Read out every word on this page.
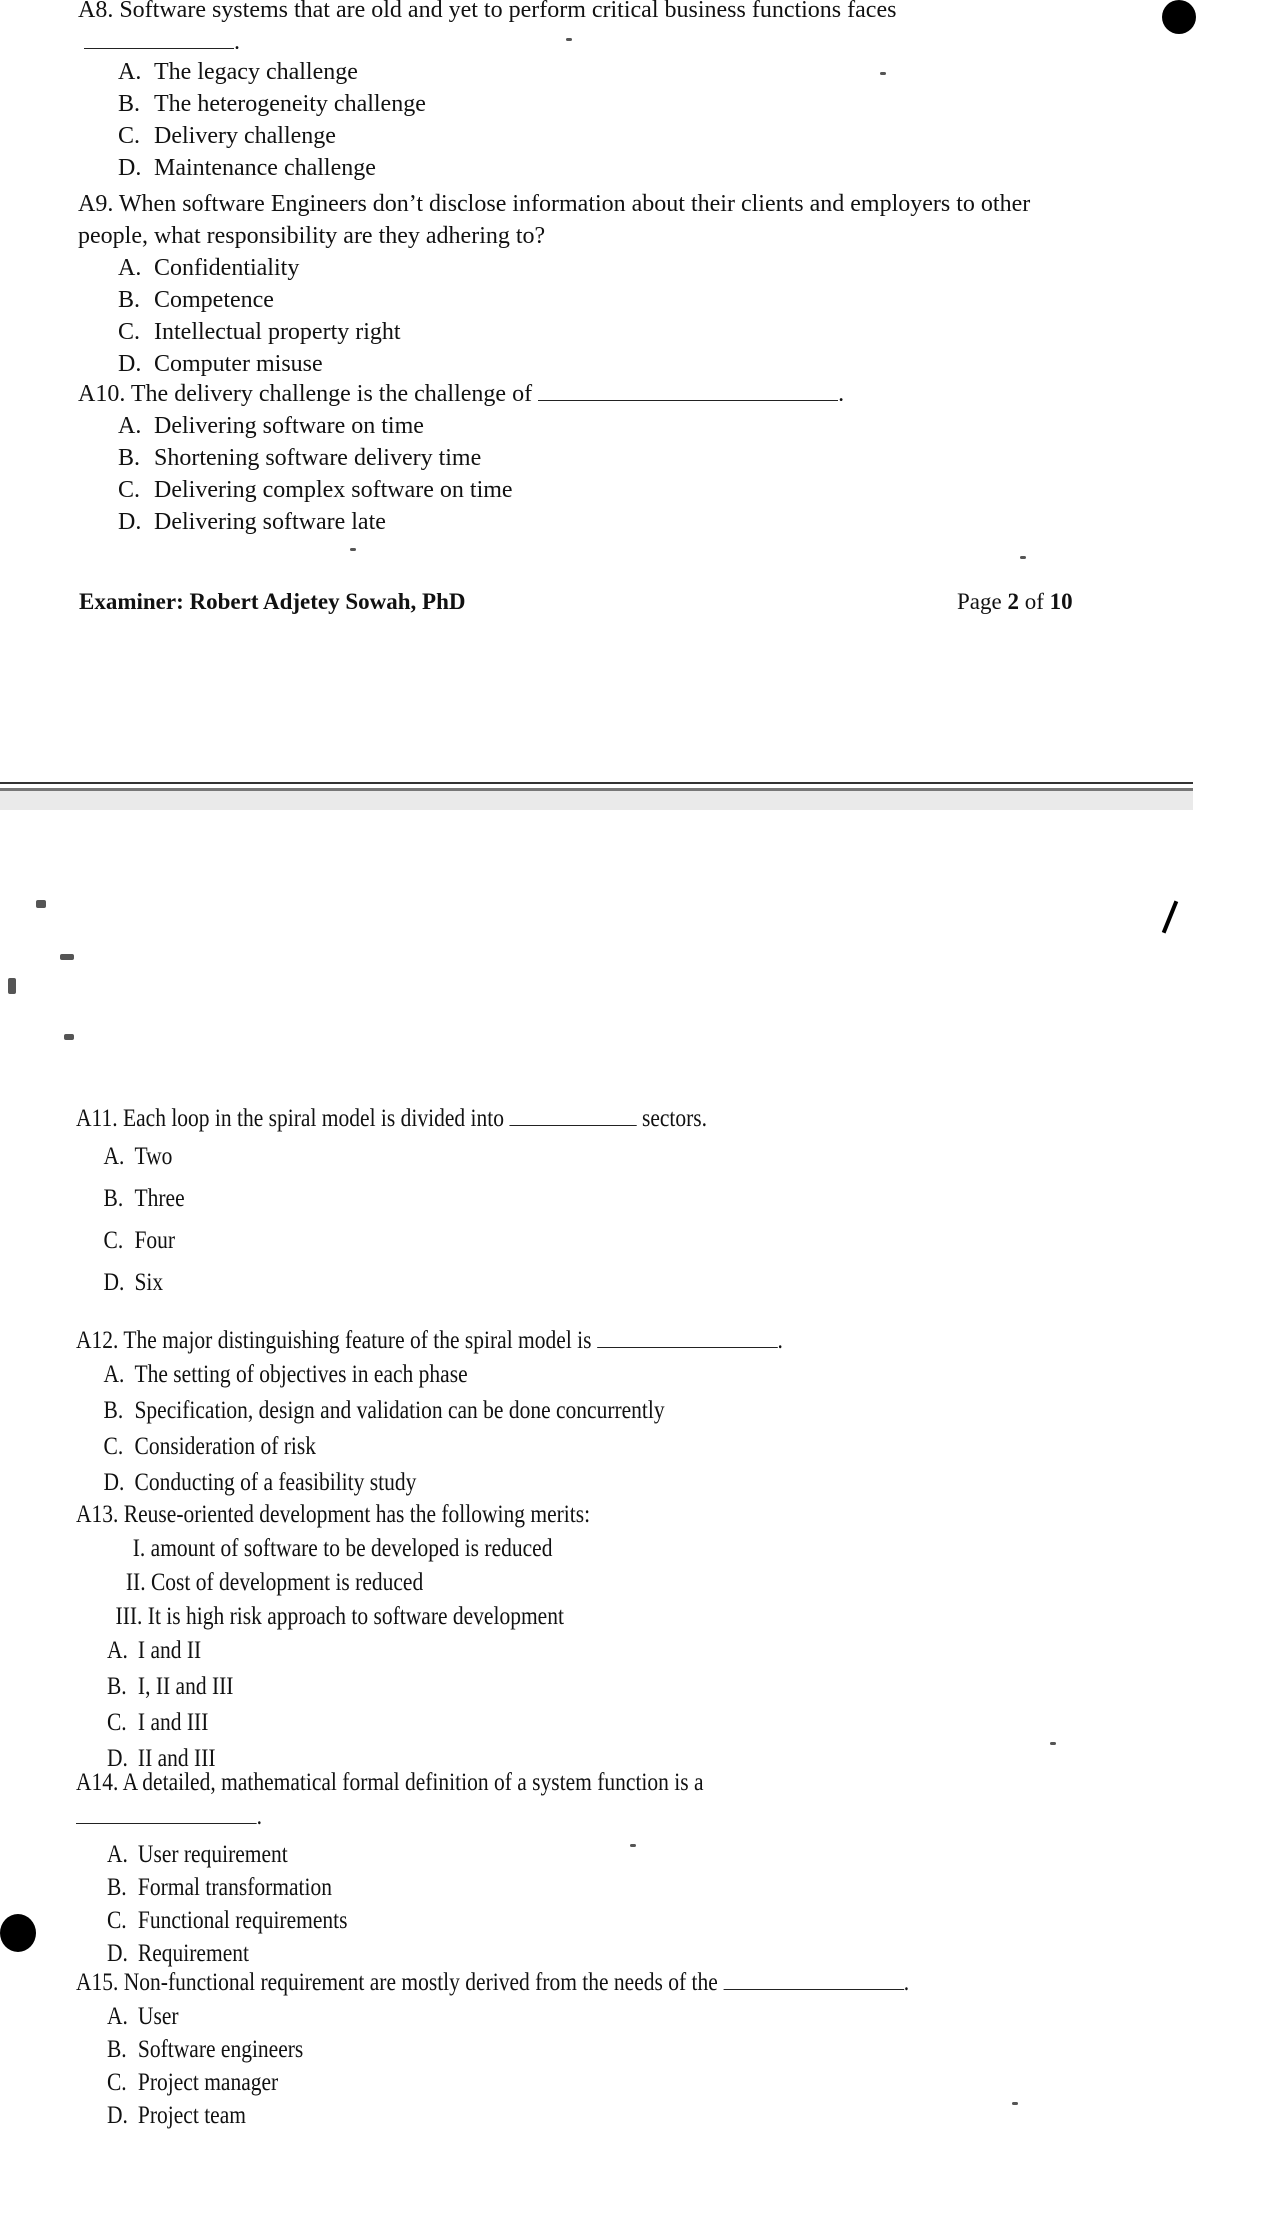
A8. Software systems that are old and yet to perform critical business functions faces
.
A. The legacy challenge
B. The heterogeneity challenge
C. Delivery challenge
D. Maintenance challenge
A9. When software Engineers don’t disclose information about their clients and employers to other people, what responsibility are they adhering to?
A. Confidentiality
B. Competence
C. Intellectual property right
D. Computer misuse
A10. The delivery challenge is the challenge of	.
A. Delivering software on time
B. Shortening software delivery time
C. Delivering complex software on time
D. Delivering software late
Examiner: Robert Adjetey Sowah, PhD	Page 2 of 10
A11. Each loop in the spiral model is divided into	sectors.
A. Two
B. Three
C. Four
D. Six
A12. The major distinguishing feature of the spiral model is	.
A. The setting of objectives in each phase
B. Specification, design and validation can be done concurrently
C. Consideration of risk
D. Conducting of a feasibility study
A13. Reuse-oriented development has the following merits:
I. amount of software to be developed is reduced
II. Cost of development is reduced
III. It is high risk approach to software development
A. I and II
B. I, II and III
C. I and III
D. II and III
A14. A detailed, mathematical formal definition of a system function is a
.
A. User requirement
B. Formal transformation
C. Functional requirements
D. Requirement
A15. Non-functional requirement are mostly derived from the needs of the	.
A. User
B. Software engineers
C. Project manager
D. Project team
